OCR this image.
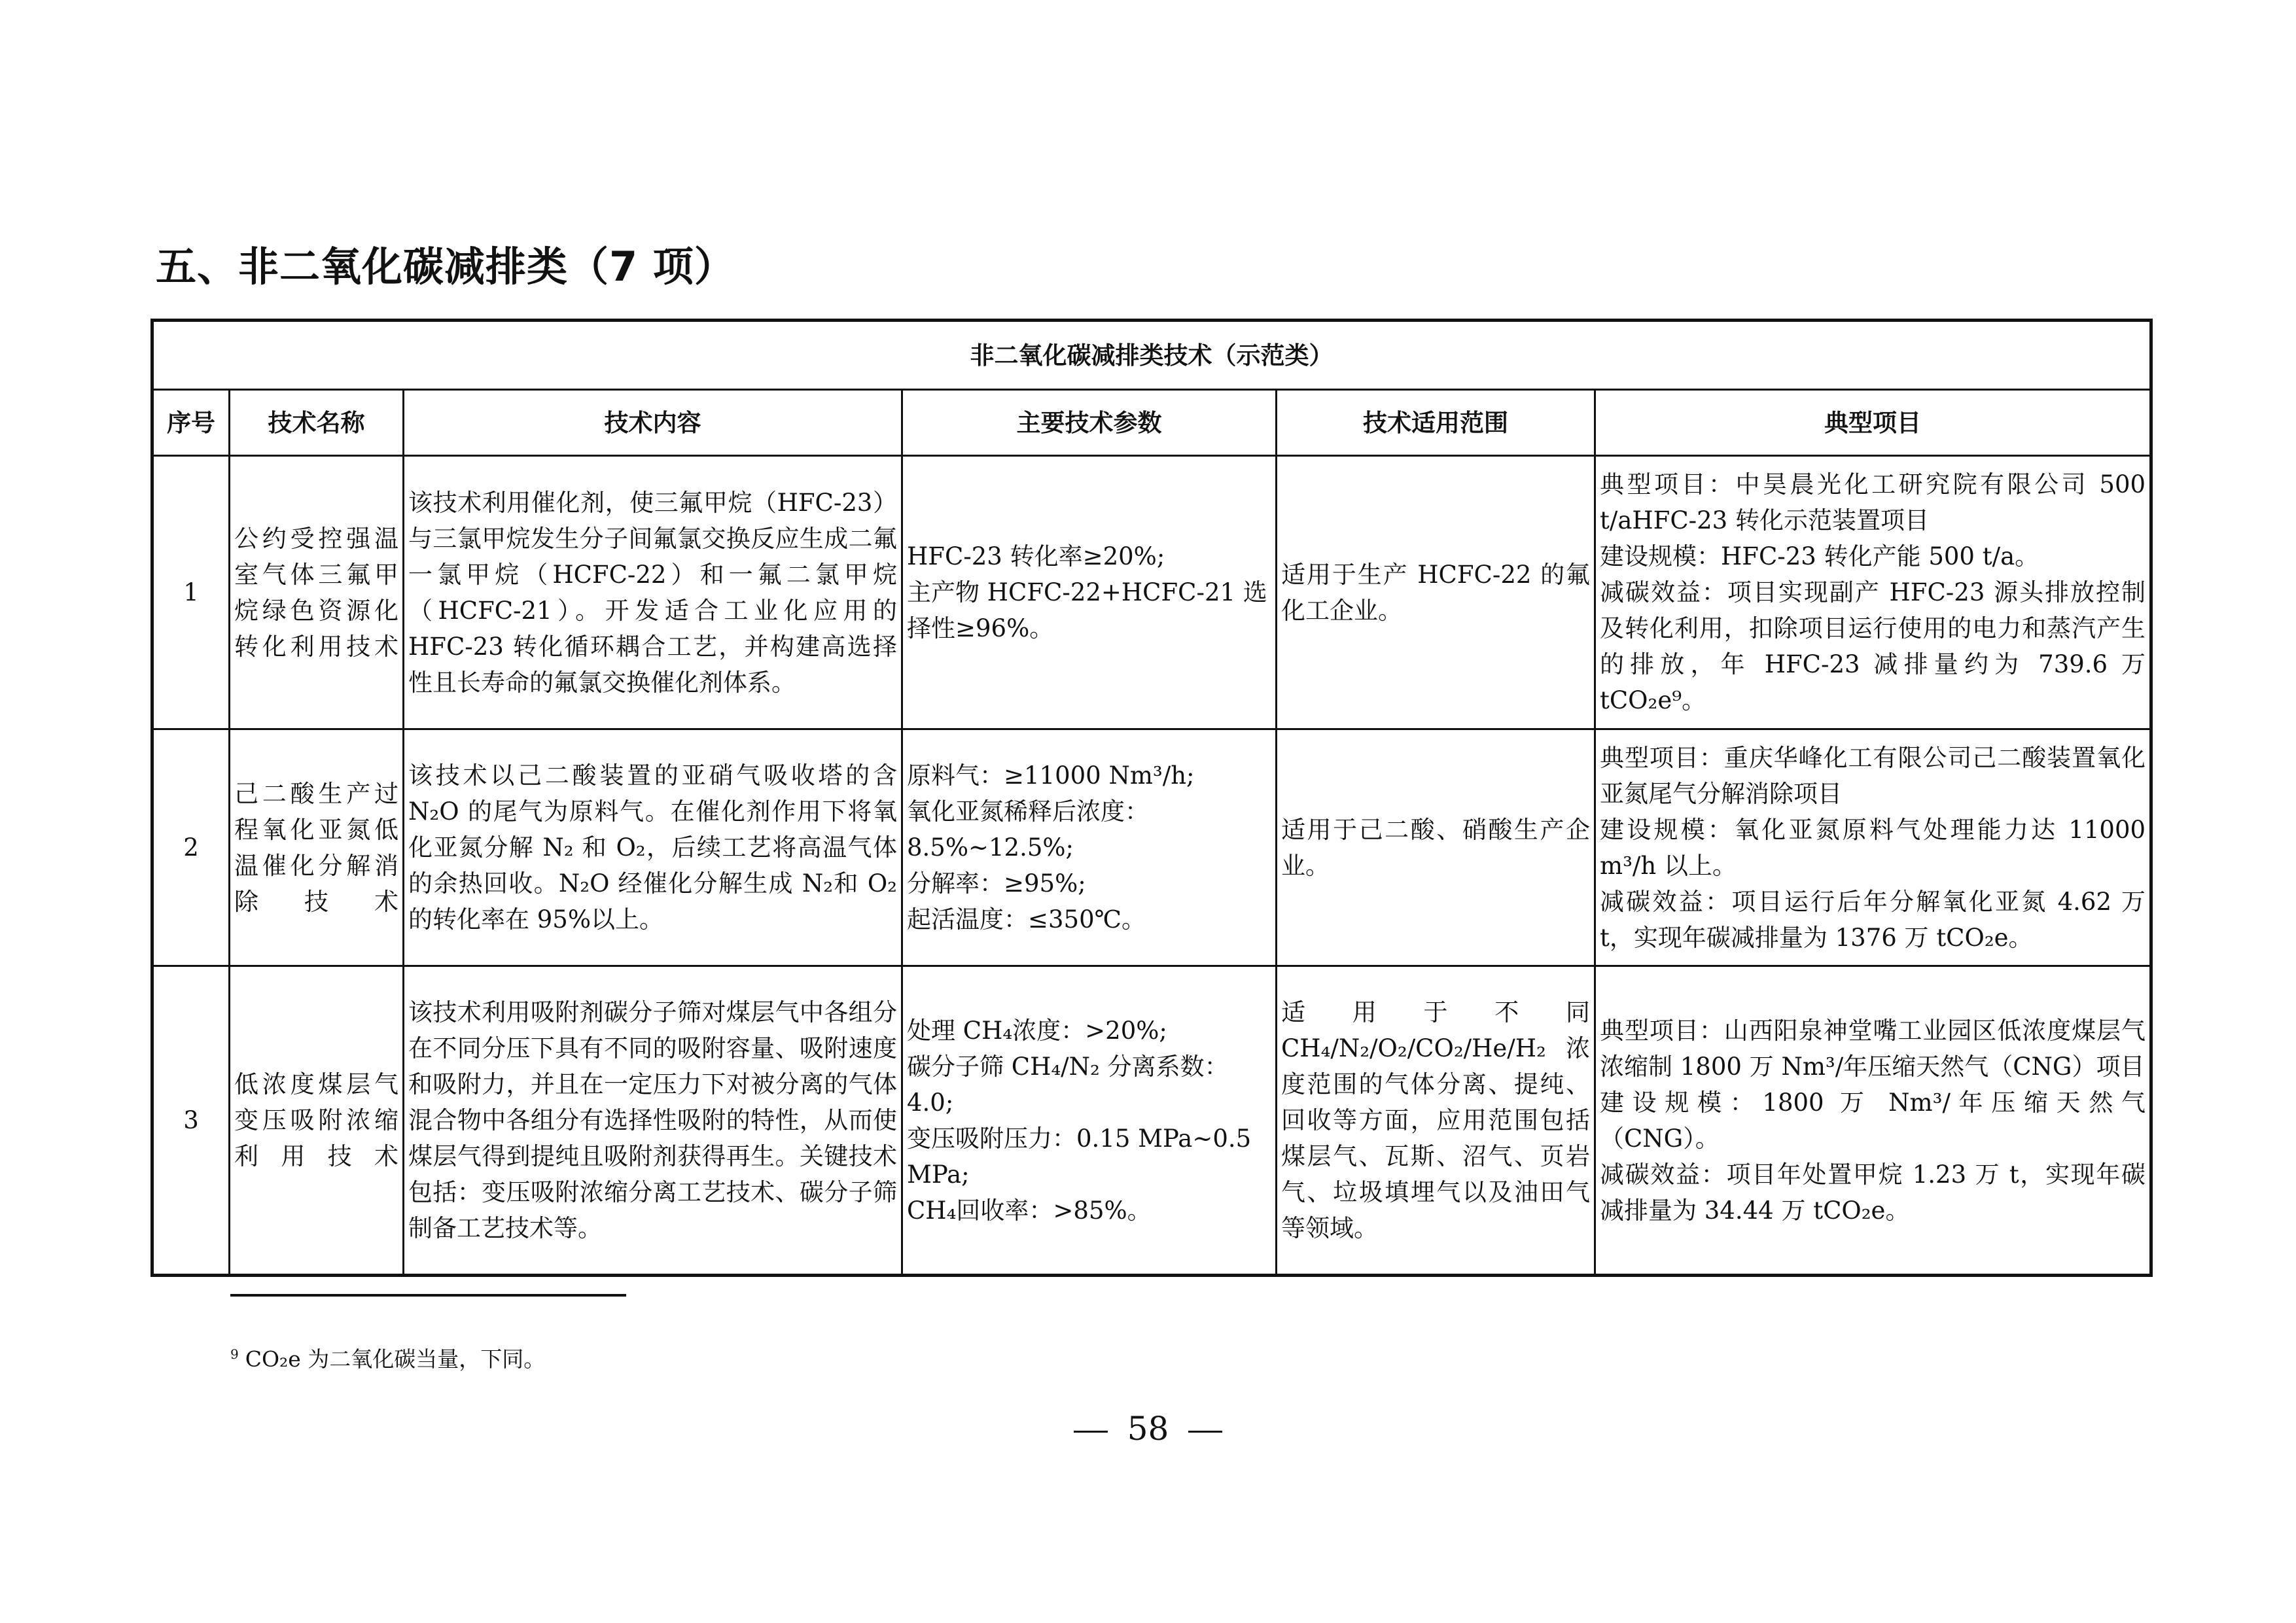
五、非二氧化碳减排类（7 项）
非二氧化碳减排类技术（示范类）					
序号	技术名称	技术内容	主要技术参数	技术适用范围	典型项目
1	公约受控强温室气体三氟甲烷绿色资源化转化利用技术	该技术利用催化剂，使三氟甲烷（HFC-23）与三氯甲烷发生分子间氟氯交换反应生成二氟一氯甲烷（HCFC-22）和一氟二氯甲烷（HCFC-21）。开发适合工业化应用的 HFC-23 转化循环耦合工艺，并构建高选择性且长寿命的氟氯交换催化剂体系。	HFC-23 转化率≥20%;
主产物 HCFC-22+HCFC-21 选择性≥96%。	适用于生产 HCFC-22 的氟化工企业。	典型项目：中昊晨光化工研究院有限公司 500 t/aHFC-23 转化示范装置项目
建设规模：HFC-23 转化产能 500 t/a。
减碳效益：项目实现副产 HFC-23 源头排放控制及转化利用，扣除项目运行使用的电力和蒸汽产生的排放，年 HFC-23 减排量约为 739.6 万 tCO₂e⁹。

2	己二酸生产过程氧化亚氮低温催化分解消除技术	该技术以己二酸装置的亚硝气吸收塔的含 N₂O 的尾气为原料气。在催化剂作用下将氧化亚氮分解 N₂ 和 O₂，后续工艺将高温气体的余热回收。N₂O 经催化分解生成 N₂和 O₂的转化率在 95%以上。	原料气：≥11000 Nm³/h;
氧化亚氮稀释后浓度：8.5%~12.5%;
分解率：≥95%;
起活温度：≤350℃。	适用于己二酸、硝酸生产企业。	典型项目：重庆华峰化工有限公司己二酸装置氧化亚氮尾气分解消除项目
建设规模：氧化亚氮原料气处理能力达 11000 m³/h 以上。
减碳效益：项目运行后年分解氧化亚氮 4.62 万 t，实现年碳减排量为 1376 万 tCO₂e。

3	低浓度煤层气变压吸附浓缩利用技术	该技术利用吸附剂碳分子筛对煤层气中各组分在不同分压下具有不同的吸附容量、吸附速度和吸附力，并且在一定压力下对被分离的气体混合物中各组分有选择性吸附的特性，从而使煤层气得到提纯且吸附剂获得再生。关键技术包括：变压吸附浓缩分离工艺技术、碳分子筛制备工艺技术等。	处理 CH₄浓度：>20%;
碳分子筛 CH₄/N₂ 分离系数：4.0;
变压吸附压力：0.15 MPa~0.5 MPa;
CH₄回收率：>85%。	适用于不同CH₄/N₂/O₂/CO₂/He/H₂浓度范围的气体分离、提纯、回收等方面，应用范围包括煤层气、瓦斯、沼气、页岩气、垃圾填埋气以及油田气等领域。	典型项目：山西阳泉神堂嘴工业园区低浓度煤层气浓缩制 1800 万 Nm³/年压缩天然气（CNG）项目
建设规模：1800 万 Nm³/年压缩天然气（CNG）。
减碳效益：项目年处置甲烷 1.23 万 t，实现年碳减排量为 34.44 万 tCO₂e。
$^9$ CO₂e 为二氧化碳当量，下同。
58
